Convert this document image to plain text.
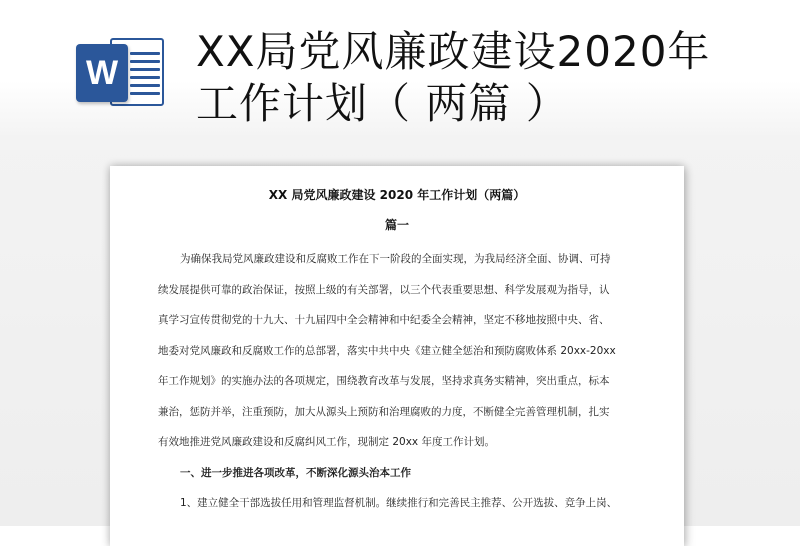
W XX局党风廉政建设2020年
工作计划（ 两篇 ）
XX 局党风廉政建设 2020 年工作计划（两篇）
篇一
为确保我局党风廉政建设和反腐败工作在下一阶段的全面实现，为我局经济全面、协调、可持
续发展提供可靠的政治保证，按照上级的有关部署，以三个代表重要思想、科学发展观为指导，认
真学习宣传贯彻党的十九大、十九届四中全会精神和中纪委全会精神，坚定不移地按照中央、省、
地委对党风廉政和反腐败工作的总部署，落实中共中央《建立健全惩治和预防腐败体系 20xx-20xx
年工作规划》的实施办法的各项规定，围绕教育改革与发展，坚持求真务实精神，突出重点，标本
兼治，惩防并举，注重预防，加大从源头上预防和治理腐败的力度，不断健全完善管理机制，扎实
有效地推进党风廉政建设和反腐纠风工作，现制定 20xx 年度工作计划。
一、进一步推进各项改革，不断深化源头治本工作
1、建立健全干部选拔任用和管理监督机制。继续推行和完善民主推荐、公开选拔、竞争上岗、
